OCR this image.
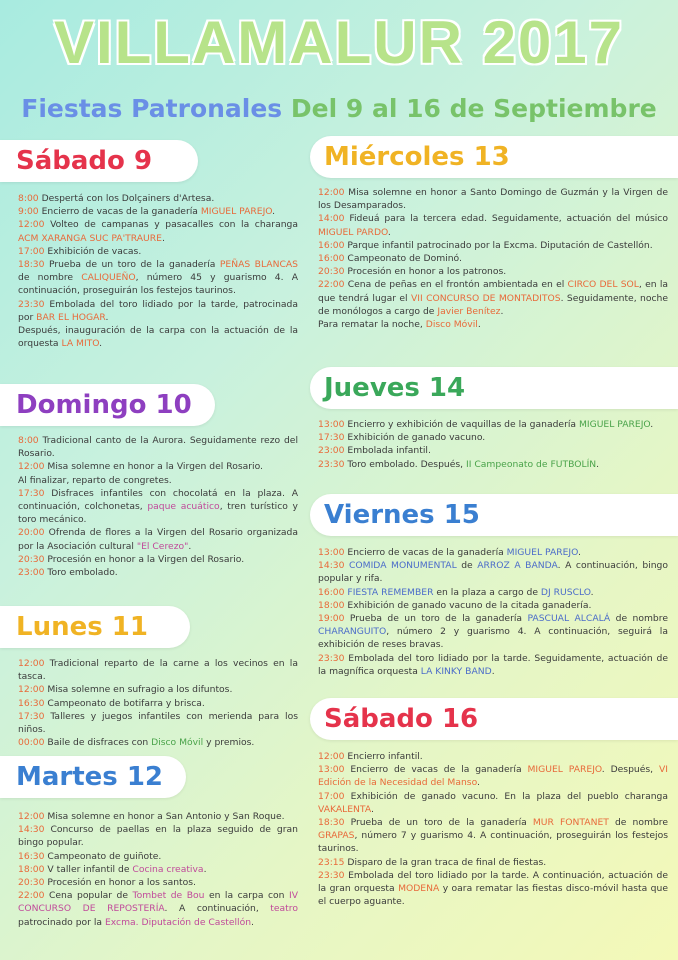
VILLAMALUR 2017
Fiestas Patronales Del 9 al 16 de Septiembre
Sábado 9
8:00 Despertá con los Dolçainers d'Artesa.
9:00 Encierro de vacas de la ganadería MIGUEL PAREJO.
12:00 Volteo de campanas y pasacalles con la charanga ACM XARANGA SUC PA'TRAURE.
17:00 Exhibición de vacas.
18:30 Prueba de un toro de la ganadería PEÑAS BLANCAS de nombre CALIQUEÑO, número 45 y guarismo 4. A continuación, proseguirán los festejos taurinos.
23:30 Embolada del toro lidiado por la tarde, patrocinada por BAR EL HOGAR.
Después, inauguración de la carpa con la actuación de la orquesta LA MITO.
Domingo 10
8:00 Tradicional canto de la Aurora. Seguidamente rezo del Rosario.
12:00 Misa solemne en honor a la Virgen del Rosario.
Al finalizar, reparto de congretes.
17:30 Disfraces infantiles con chocolatá en la plaza. A continuación, colchonetas, paque acuático, tren turístico y toro mecánico.
20:00 Ofrenda de flores a la Virgen del Rosario organizada por la Asociación cultural "El Cerezo".
20:30 Procesión en honor a la Virgen del Rosario.
23:00 Toro embolado.
Lunes 11
12:00 Tradicional reparto de la carne a los vecinos en la tasca.
12:00 Misa solemne en sufragio a los difuntos.
16:30 Campeonato de botifarra y brisca.
17:30 Talleres y juegos infantiles con merienda para los niños.
00:00 Baile de disfraces con Disco Móvil y premios.
Martes 12
12:00 Misa solemne en honor a San Antonio y San Roque.
14:30 Concurso de paellas en la plaza seguido de gran bingo popular.
16:30 Campeonato de guiñote.
18:00 V taller infantil de Cocina creativa.
20:30 Procesión en honor a los santos.
22:00 Cena popular de Tombet de Bou en la carpa con IV CONCURSO DE REPOSTERÍA. A continuación, teatro patrocinado por la Excma. Diputación de Castellón.
Miércoles 13
12:00 Misa solemne en honor a Santo Domingo de Guzmán y la Virgen de los Desamparados.
14:00 Fideuá para la tercera edad. Seguidamente, actuación del músico MIGUEL PARDO.
16:00 Parque infantil patrocinado por la Excma. Diputación de Castellón.
16:00 Campeonato de Dominó.
20:30 Procesión en honor a los patronos.
22:00 Cena de peñas en el frontón ambientada en el CIRCO DEL SOL, en la que tendrá lugar el VII CONCURSO DE MONTADITOS. Seguidamente, noche de monólogos a cargo de Javier Benítez.
Para rematar la noche, Disco Móvil.
Jueves 14
13:00 Encierro y exhibición de vaquillas de la ganadería MIGUEL PAREJO.
17:30 Exhibición de ganado vacuno.
23:00 Embolada infantil.
23:30 Toro embolado. Después, II Campeonato de FUTBOLÍN.
Viernes 15
13:00 Encierro de vacas de la ganadería MIGUEL PAREJO.
14:30 COMIDA MONUMENTAL de ARROZ A BANDA. A continuación, bingo popular y rifa.
16:00 FIESTA REMEMBER en la plaza a cargo de DJ RUSCLO.
18:00 Exhibición de ganado vacuno de la citada ganadería.
19:00 Prueba de un toro de la ganadería PASCUAL ALCALÁ de nombre CHARANGUITO, número 2 y guarismo 4. A continuación, seguirá la exhibición de reses bravas.
23:30 Embolada del toro lidiado por la tarde. Seguidamente, actuación de la magnífica orquesta LA KINKY BAND.
Sábado 16
12:00 Encierro infantil.
13:00 Encierro de vacas de la ganadería MIGUEL PAREJO. Después, VI Edición de la Necesidad del Manso.
17:00 Exhibición de ganado vacuno. En la plaza del pueblo charanga VAKALENTA.
18:30 Prueba de un toro de la ganadería MUR FONTANET de nombre GRAPAS, número 7 y guarismo 4. A continuación, proseguirán los festejos taurinos.
23:15 Disparo de la gran traca de final de fiestas.
23:30 Embolada del toro lidiado por la tarde. A continuación, actuación de la gran orquesta MODENA y oara rematar las fiestas disco-móvil hasta que el cuerpo aguante.
